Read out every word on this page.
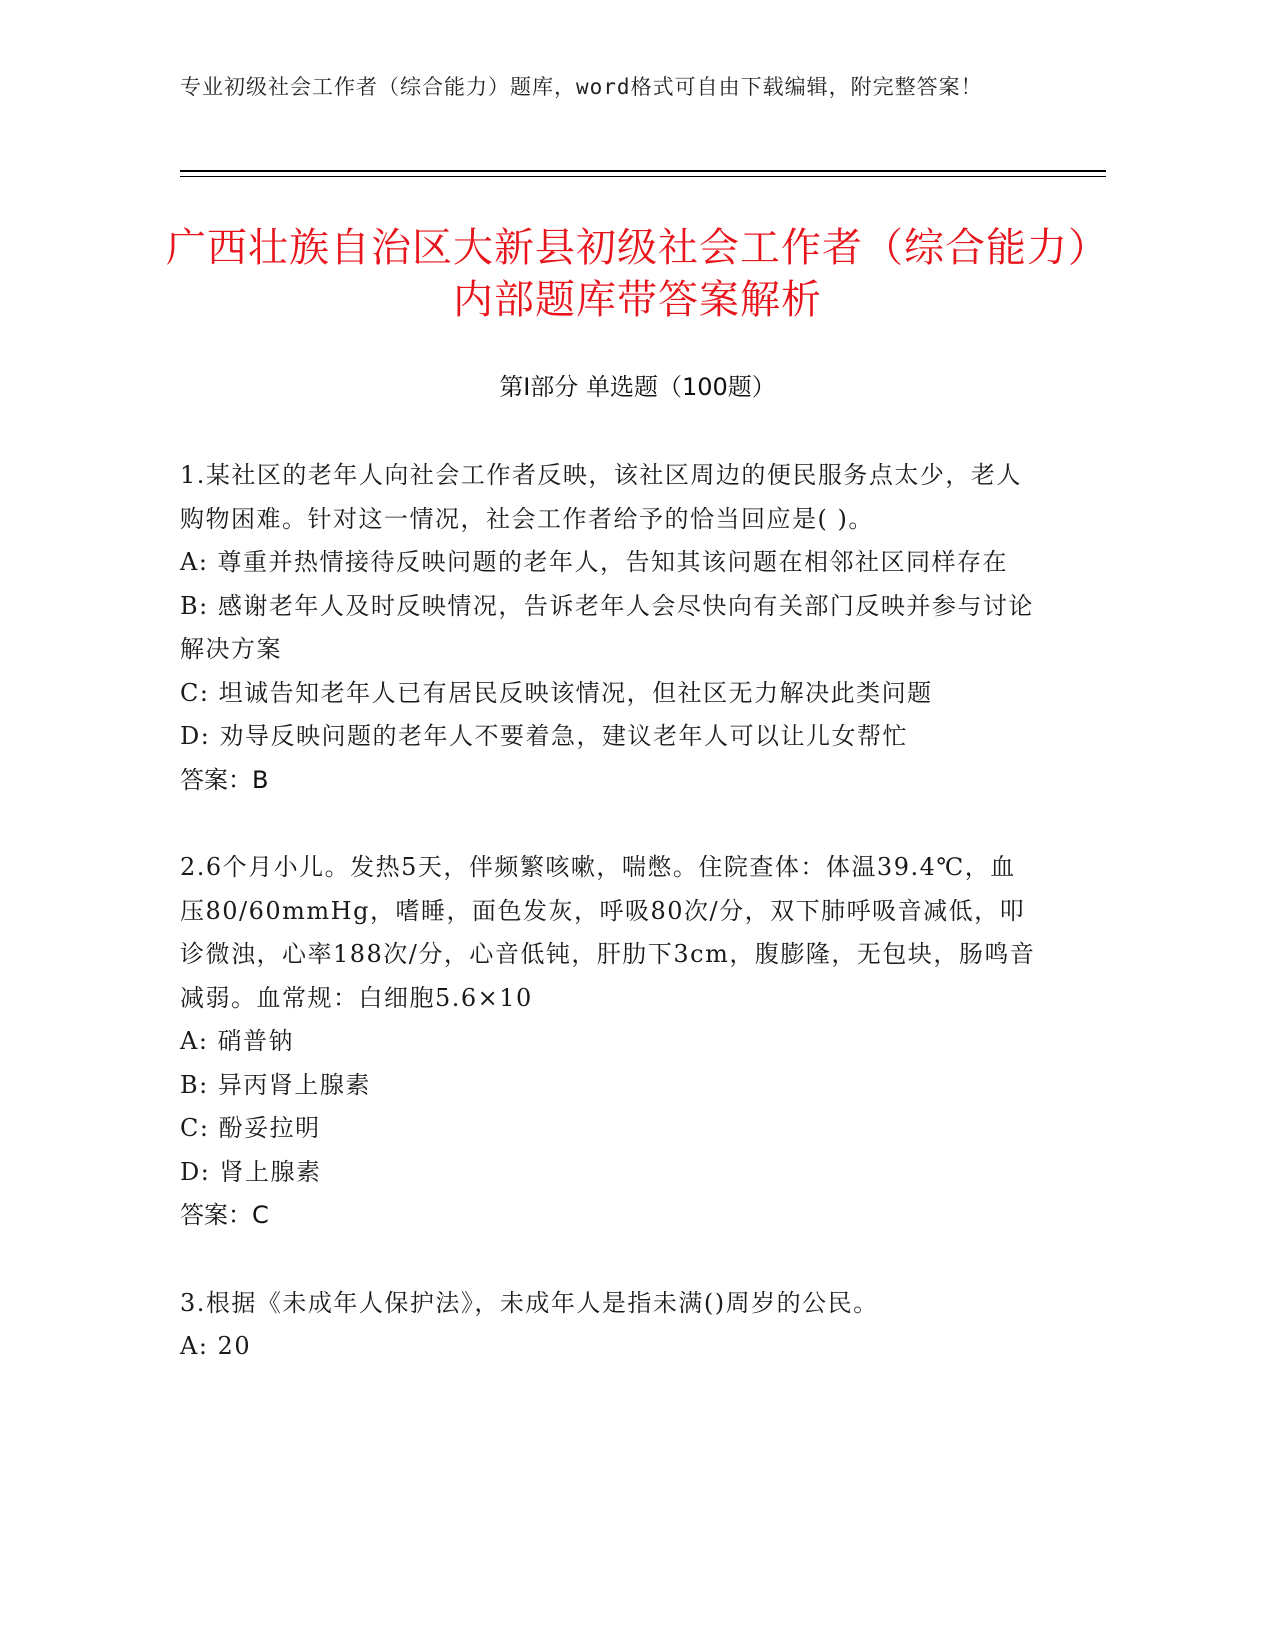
专业初级社会工作者（综合能力）题库，word格式可自由下载编辑，附完整答案！
广西壮族自治区大新县初级社会工作者（综合能力）内部题库带答案解析
第I部分 单选题（100题）

1.某社区的老年人向社会工作者反映，该社区周边的便民服务点太少，老人购物困难。针对这一情况，社会工作者给予的恰当回应是( )。

A: 尊重并热情接待反映问题的老年人，告知其该问题在相邻社区同样存在

B: 感谢老年人及时反映情况，告诉老年人会尽快向有关部门反映并参与讨论解决方案

C: 坦诚告知老年人已有居民反映该情况，但社区无力解决此类问题

D: 劝导反映问题的老年人不要着急，建议老年人可以让儿女帮忙

答案：B

2.6个月小儿。发热5天，伴频繁咳嗽，喘憋。住院查体：体温39.4℃，血压80/60mmHg，嗜睡，面色发灰，呼吸80次/分，双下肺呼吸音减低，叩诊微浊，心率188次/分，心音低钝，肝肋下3cm，腹膨隆，无包块，肠鸣音减弱。血常规：白细胞5.6×10

A: 硝普钠

B: 异丙肾上腺素

C: 酚妥拉明

D: 肾上腺素

答案：C

3.根据《未成年人保护法》，未成年人是指未满()周岁的公民。

A: 20
